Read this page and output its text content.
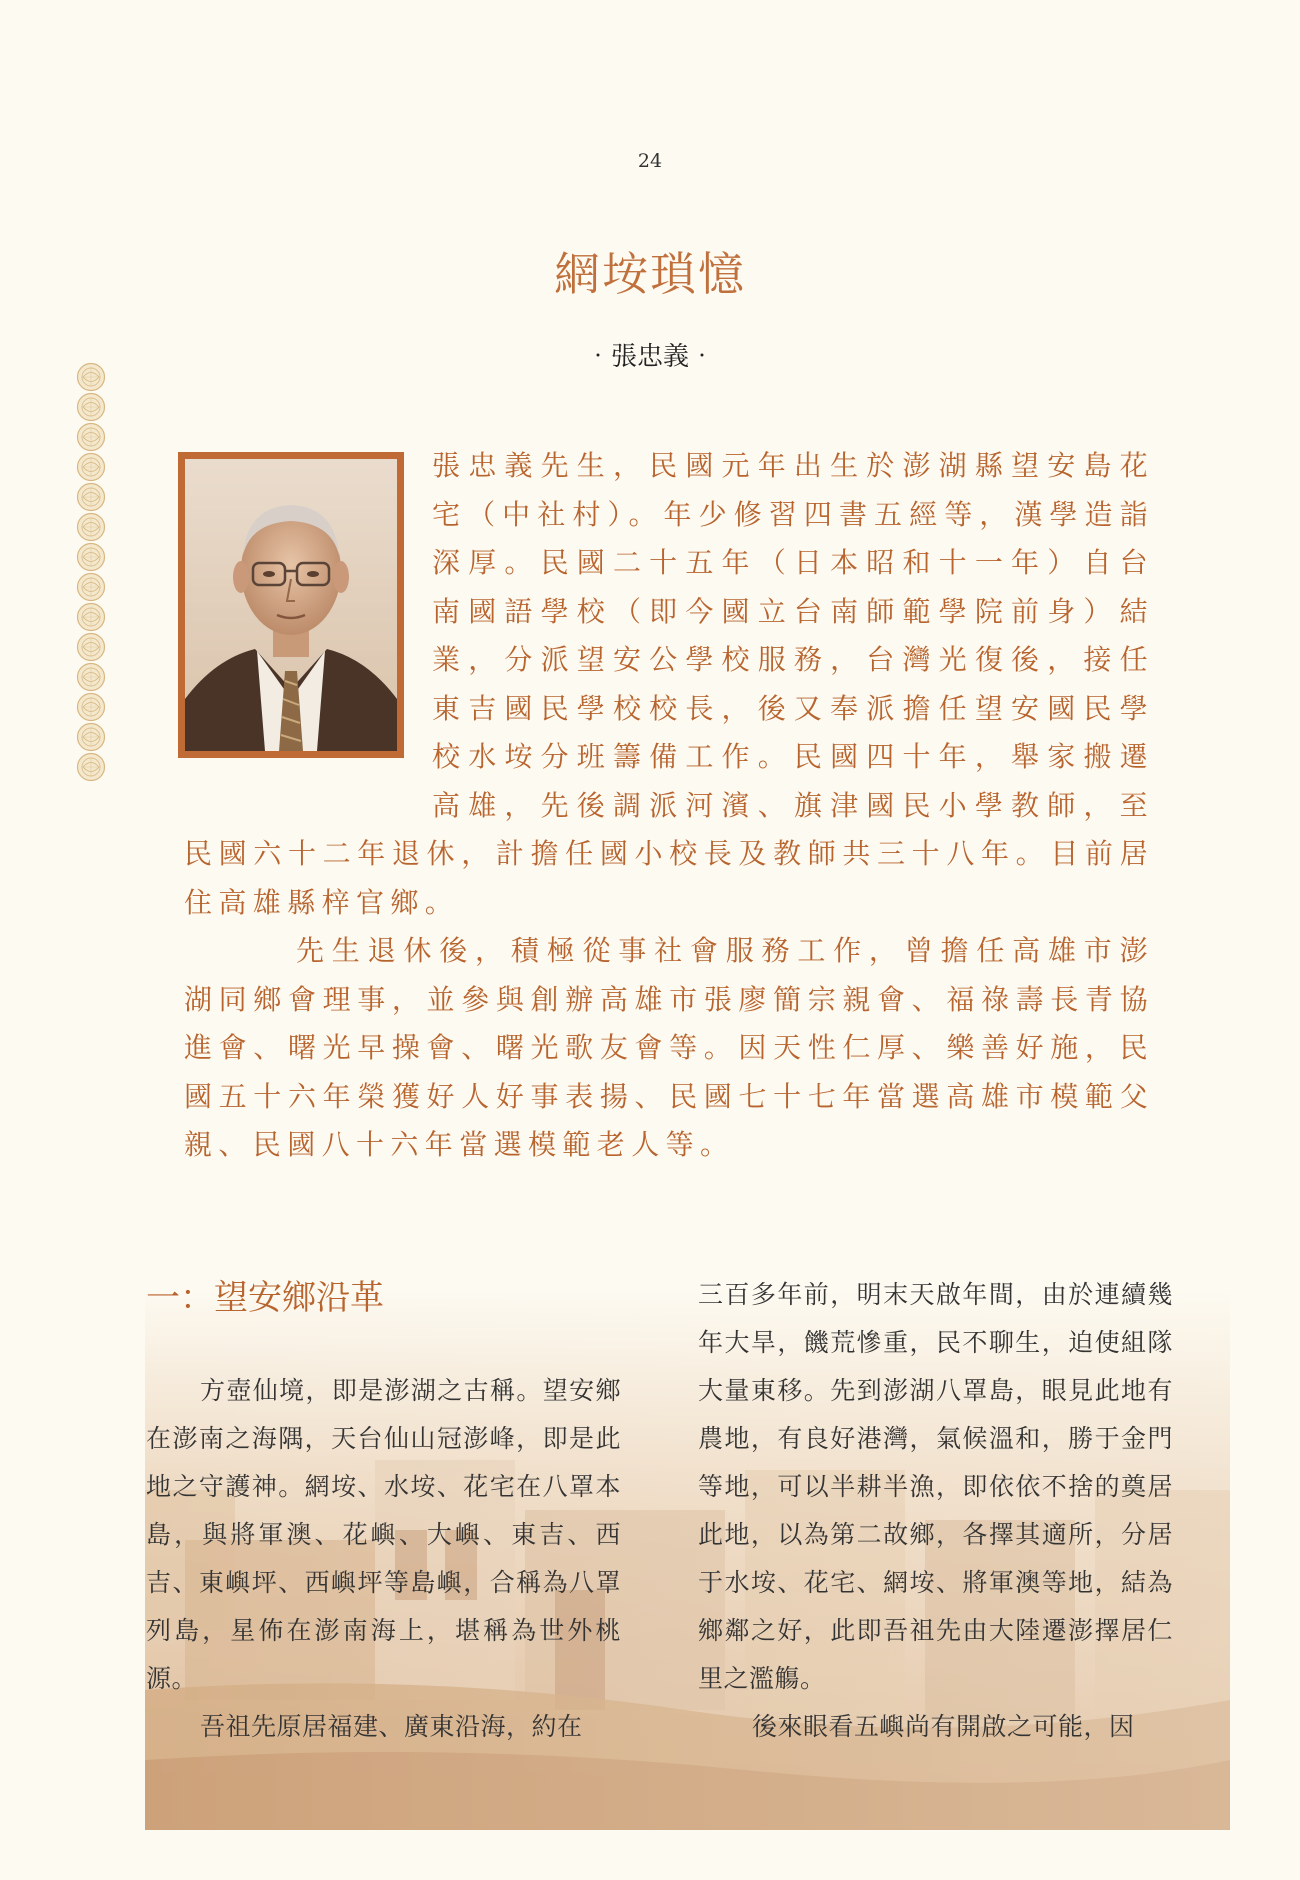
24
網垵瑣憶
‧張忠義‧

張忠義先生，民國元年出生於澎湖縣望安島花宅（中社村）。年少修習四書五經等，漢學造詣深厚。民國二十五年（日本昭和十一年）自台南國語學校（即今國立台南師範學院前身）結業，分派望安公學校服務，台灣光復後，接任東吉國民學校校長，後又奉派擔任望安國民學校水垵分班籌備工作。民國四十年，舉家搬遷高雄，先後調派河濱、旗津國民小學教師，至民國六十二年退休，計擔任國小校長及教師共三十八年。目前居住高雄縣梓官鄉。

先生退休後，積極從事社會服務工作，曾擔任高雄市澎湖同鄉會理事，並參與創辦高雄市張廖簡宗親會、福祿壽長青協進會、曙光早操會、曙光歌友會等。因天性仁厚、樂善好施，民國五十六年榮獲好人好事表揚、民國七十七年當選高雄市模範父親、民國八十六年當選模範老人等。

一：望安鄉沿革

方壺仙境，即是澎湖之古稱。望安鄉在澎南之海隅，天台仙山冠澎峰，即是此地之守護神。網垵、水垵、花宅在八罩本島，與將軍澳、花嶼、大嶼、東吉、西吉、東嶼坪、西嶼坪等島嶼，合稱為八罩列島，星佈在澎南海上，堪稱為世外桃源。

吾祖先原居福建、廣東沿海，約在

三百多年前，明末天啟年間，由於連續幾年大旱，饑荒慘重，民不聊生，迫使組隊大量東移。先到澎湖八罩島，眼見此地有農地，有良好港灣，氣候溫和，勝于金門等地，可以半耕半漁，即依依不捨的奠居此地，以為第二故鄉，各擇其適所，分居于水垵、花宅、網垵、將軍澳等地，結為鄉鄰之好，此即吾祖先由大陸遷澎擇居仁里之濫觴。

後來眼看五嶼尚有開啟之可能，因
